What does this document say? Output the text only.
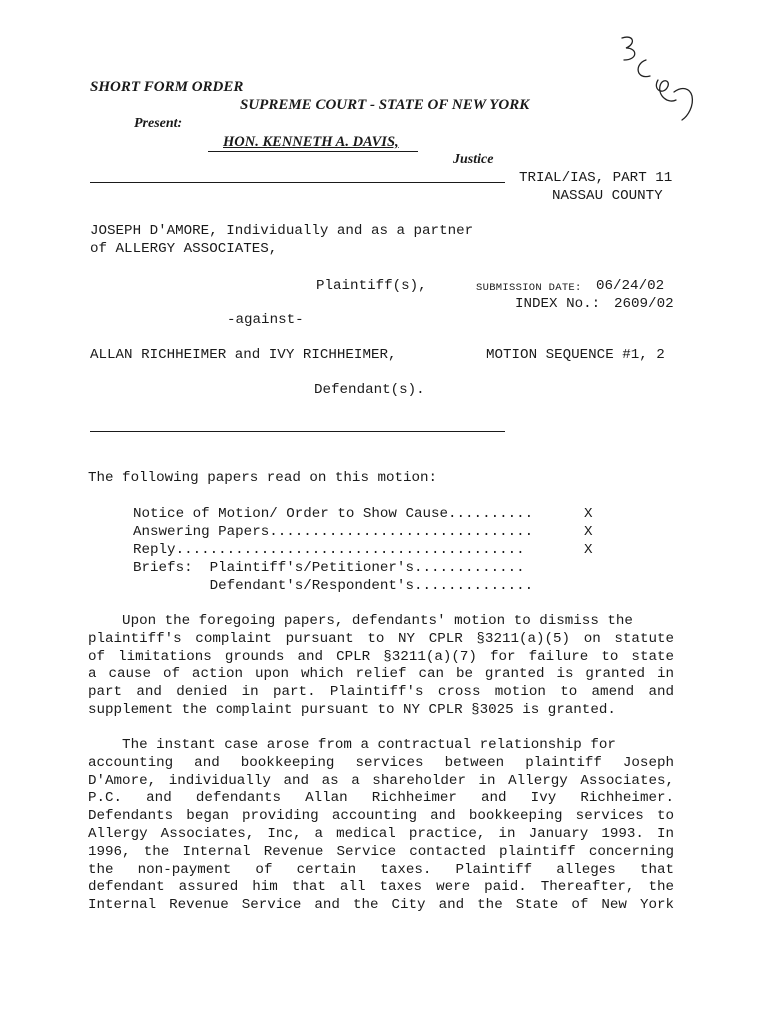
SHORT FORM ORDER
SUPREME COURT - STATE OF NEW YORK
Present:
HON. KENNETH A. DAVIS,
Justice
TRIAL/IAS, PART 11
NASSAU COUNTY
JOSEPH D'AMORE, Individually and as a partner
of ALLERGY ASSOCIATES,
Plaintiff(s),	SUBMISSION DATE: 06/24/02
INDEX No.: 2609/02
-against-
ALLAN RICHHEIMER and IVY RICHHEIMER,	MOTION SEQUENCE #1, 2
Defendant(s).
The following papers read on this motion:
Notice of Motion/ Order to Show Cause..........	X
Answering Papers...............................	X
Reply.........................................	X
Briefs:  Plaintiff's/Petitioner's.............
Defendant's/Respondent's..............
Upon the foregoing papers, defendants' motion to dismiss the
plaintiff's complaint pursuant to NY CPLR §3211(a)(5) on statute
of limitations grounds and CPLR §3211(a)(7) for failure to state
a cause of action upon which relief can be granted is granted in
part and denied in part. Plaintiff's cross motion to amend and
supplement the complaint pursuant to NY CPLR §3025 is granted.
The instant case arose from a contractual relationship for
accounting and bookkeeping services between plaintiff Joseph
D'Amore, individually and as a shareholder in Allergy Associates,
P.C. and defendants Allan Richheimer and Ivy Richheimer.
Defendants began providing accounting and bookkeeping services to
Allergy Associates, Inc, a medical practice, in January 1993. In
1996, the Internal Revenue Service contacted plaintiff concerning
the non-payment of certain taxes. Plaintiff alleges that
defendant assured him that all taxes were paid. Thereafter, the
Internal Revenue Service and the City and the State of New York
